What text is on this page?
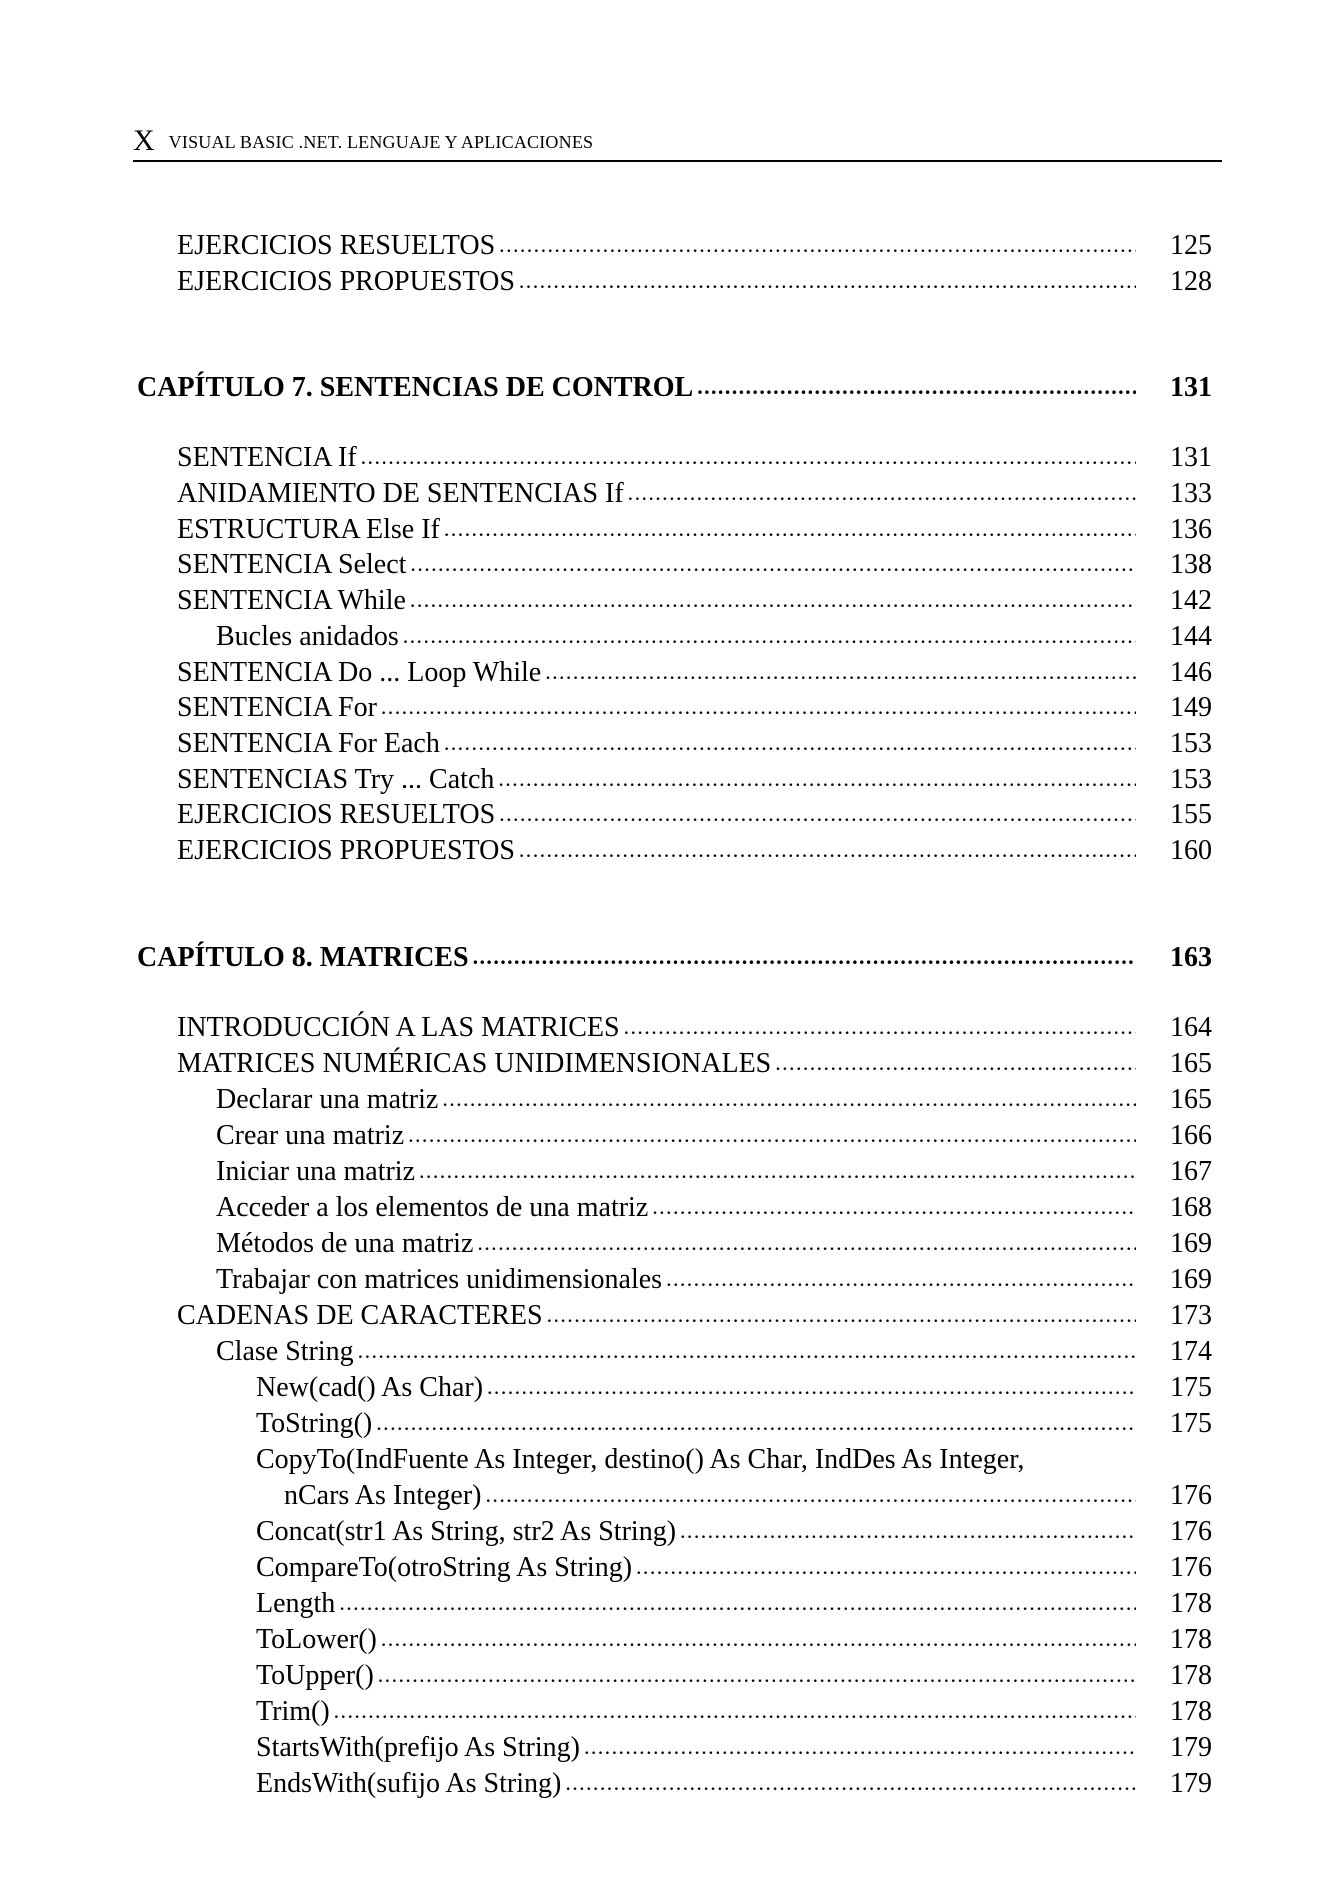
X VISUAL BASIC .NET. LENGUAJE Y APLICACIONES
EJERCICIOS RESUELTOS .....	125
EJERCICIOS PROPUESTOS .....	128
CAPÍTULO 7. SENTENCIAS DE CONTROL .....	131
SENTENCIA If .....	131
ANIDAMIENTO DE SENTENCIAS If .....	133
ESTRUCTURA Else If .....	136
SENTENCIA Select .....	138
SENTENCIA While .....	142
Bucles anidados .....	144
SENTENCIA Do ... Loop While .....	146
SENTENCIA For .....	149
SENTENCIA For Each .....	153
SENTENCIAS Try ... Catch .....	153
EJERCICIOS RESUELTOS .....	155
EJERCICIOS PROPUESTOS .....	160
CAPÍTULO 8. MATRICES .....	163
INTRODUCCIÓN A LAS MATRICES .....	164
MATRICES NUMÉRICAS UNIDIMENSIONALES .....	165
Declarar una matriz .....	165
Crear una matriz .....	166
Iniciar una matriz .....	167
Acceder a los elementos de una matriz .....	168
Métodos de una matriz .....	169
Trabajar con matrices unidimensionales .....	169
CADENAS DE CARACTERES .....	173
Clase String .....	174
New(cad() As Char) .....	175
ToString() .....	175
CopyTo(IndFuente As Integer, destino() As Char, IndDes As Integer,
nCars As Integer) .....	176
Concat(str1 As String, str2 As String) .....	176
CompareTo(otroString As String) .....	176
Length .....	178
ToLower() .....	178
ToUpper() .....	178
Trim() .....	178
StartsWith(prefijo As String) .....	179
EndsWith(sufijo As String) .....	179
